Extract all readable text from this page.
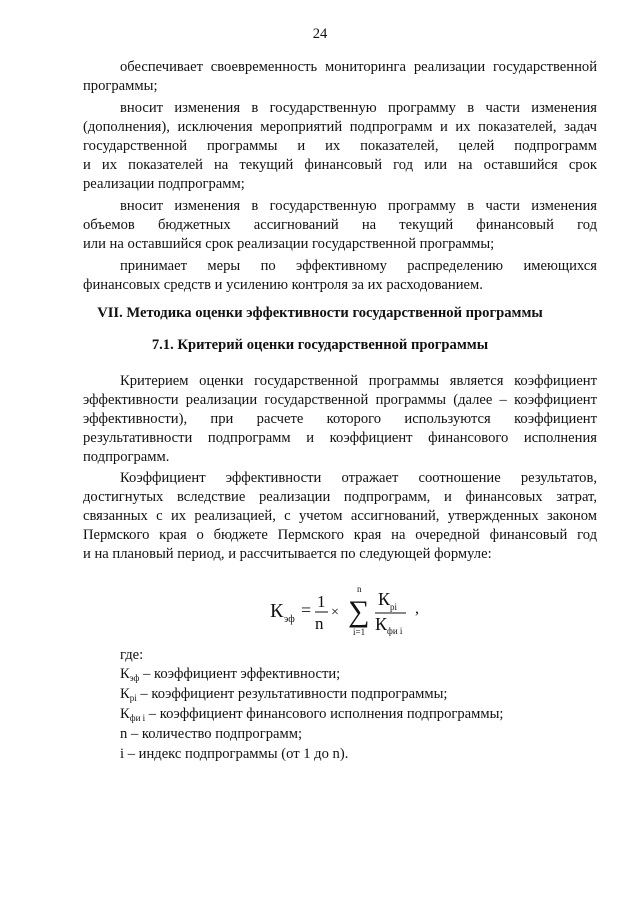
24
обеспечивает своевременность мониторинга реализации государственной
программы;
вносит изменения в государственную программу в части изменения
(дополнения), исключения мероприятий подпрограмм и их показателей, задач
государственной программы и их показателей, целей подпрограмм
и их показателей на текущий финансовый год или на оставшийся срок
реализации подпрограмм;
вносит изменения в государственную программу в части изменения
объемов бюджетных ассигнований на текущий финансовый год
или на оставшийся срок реализации государственной программы;
принимает меры по эффективному распределению имеющихся
финансовых средств и усилению контроля за их расходованием.
VII. Методика оценки эффективности государственной программы
7.1. Критерий оценки государственной программы
Критерием оценки государственной программы является коэффициент
эффективности реализации государственной программы (далее – коэффициент
эффективности), при расчете которого используются коэффициент
результативности подпрограмм и коэффициент финансового исполнения
подпрограмм.
Коэффициент эффективности отражает соотношение результатов,
достигнутых вследствие реализации подпрограмм, и финансовых затрат,
связанных с их реализацией, с учетом ассигнований, утвержденных законом
Пермского края о бюджете Пермского края на очередной финансовый год
и на плановый период, и рассчитывается по следующей формуле:
К эф = 1
n
×
n
∑
i=1
К рi
К фи i
,
где:
$К_{эф}$ – коэффициент эффективности;
$К_{рi}$ – коэффициент результативности подпрограммы;
$К_{фи i}$ – коэффициент финансового исполнения подпрограммы;
n – количество подпрограмм;
i – индекс подпрограммы (от 1 до n).
